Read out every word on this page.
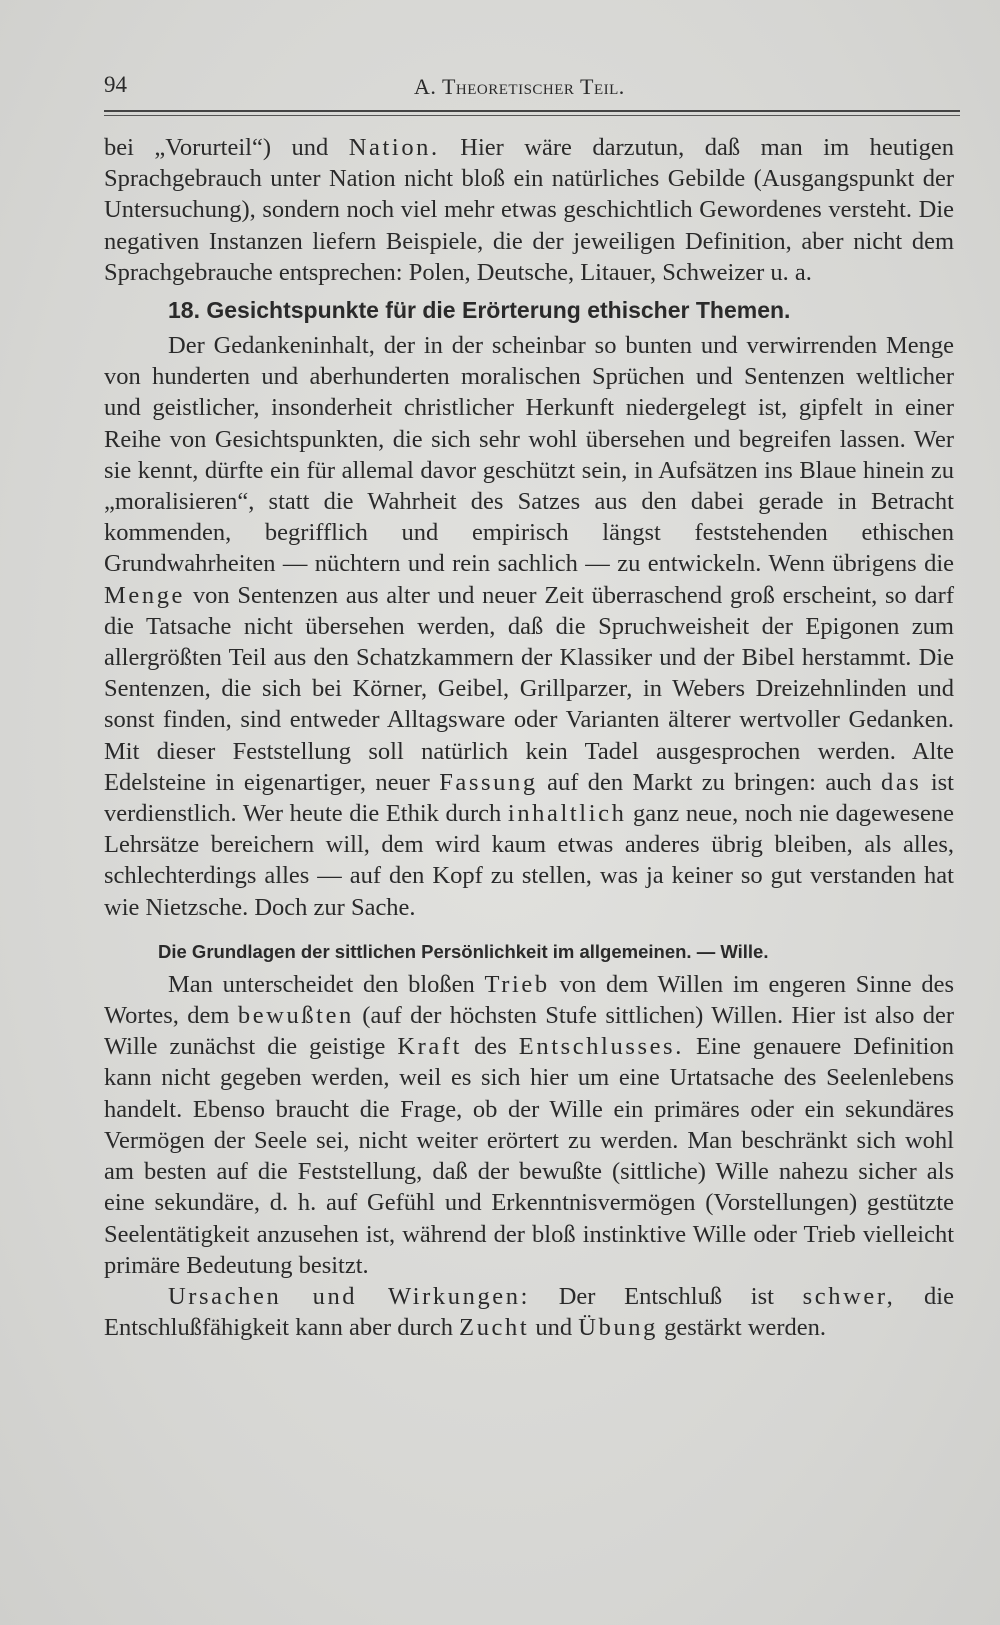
94	A. Theoretischer Teil.

bei „Vorurteil“) und Nation. Hier wäre darzutun, daß man im heutigen Sprachgebrauch unter Nation nicht bloß ein natürliches Gebilde (Ausgangspunkt der Untersuchung), sondern noch viel mehr etwas geschichtlich Gewordenes versteht. Die negativen Instanzen liefern Beispiele, die der jeweiligen Definition, aber nicht dem Sprachgebrauche entsprechen: Polen, Deutsche, Litauer, Schweizer u. a.

18. Gesichtspunkte für die Erörterung ethischer Themen.

Der Gedankeninhalt, der in der scheinbar so bunten und verwirrenden Menge von hunderten und aberhunderten moralischen Sprüchen und Sentenzen weltlicher und geistlicher, insonderheit christlicher Herkunft niedergelegt ist, gipfelt in einer Reihe von Gesichtspunkten, die sich sehr wohl übersehen und begreifen lassen. Wer sie kennt, dürfte ein für allemal davor geschützt sein, in Aufsätzen ins Blaue hinein zu „moralisieren“, statt die Wahrheit des Satzes aus den dabei gerade in Betracht kommenden, begrifflich und empirisch längst feststehenden ethischen Grundwahrheiten — nüchtern und rein sachlich — zu entwickeln. Wenn übrigens die Menge von Sentenzen aus alter und neuer Zeit überraschend groß erscheint, so darf die Tatsache nicht übersehen werden, daß die Spruchweisheit der Epigonen zum allergrößten Teil aus den Schatzkammern der Klassiker und der Bibel herstammt. Die Sentenzen, die sich bei Körner, Geibel, Grillparzer, in Webers Dreizehnlinden und sonst finden, sind entweder Alltagsware oder Varianten älterer wertvoller Gedanken. Mit dieser Feststellung soll natürlich kein Tadel ausgesprochen werden. Alte Edelsteine in eigenartiger, neuer Fassung auf den Markt zu bringen: auch das ist verdienstlich. Wer heute die Ethik durch inhaltlich ganz neue, noch nie dagewesene Lehrsätze bereichern will, dem wird kaum etwas anderes übrig bleiben, als alles, schlechterdings alles — auf den Kopf zu stellen, was ja keiner so gut verstanden hat wie Nietzsche. Doch zur Sache.

Die Grundlagen der sittlichen Persönlichkeit im allgemeinen. — Wille.

Man unterscheidet den bloßen Trieb von dem Willen im engeren Sinne des Wortes, dem bewußten (auf der höchsten Stufe sittlichen) Willen. Hier ist also der Wille zunächst die geistige Kraft des Entschlusses. Eine genauere Definition kann nicht gegeben werden, weil es sich hier um eine Urtatsache des Seelenlebens handelt. Ebenso braucht die Frage, ob der Wille ein primäres oder ein sekundäres Vermögen der Seele sei, nicht weiter erörtert zu werden. Man beschränkt sich wohl am besten auf die Feststellung, daß der bewußte (sittliche) Wille nahezu sicher als eine sekundäre, d. h. auf Gefühl und Erkenntnisvermögen (Vorstellungen) gestützte Seelentätigkeit anzusehen ist, während der bloß instinktive Wille oder Trieb vielleicht primäre Bedeutung besitzt.

Ursachen und Wirkungen: Der Entschluß ist schwer, die Entschlußfähigkeit kann aber durch Zucht und Übung gestärkt werden.
